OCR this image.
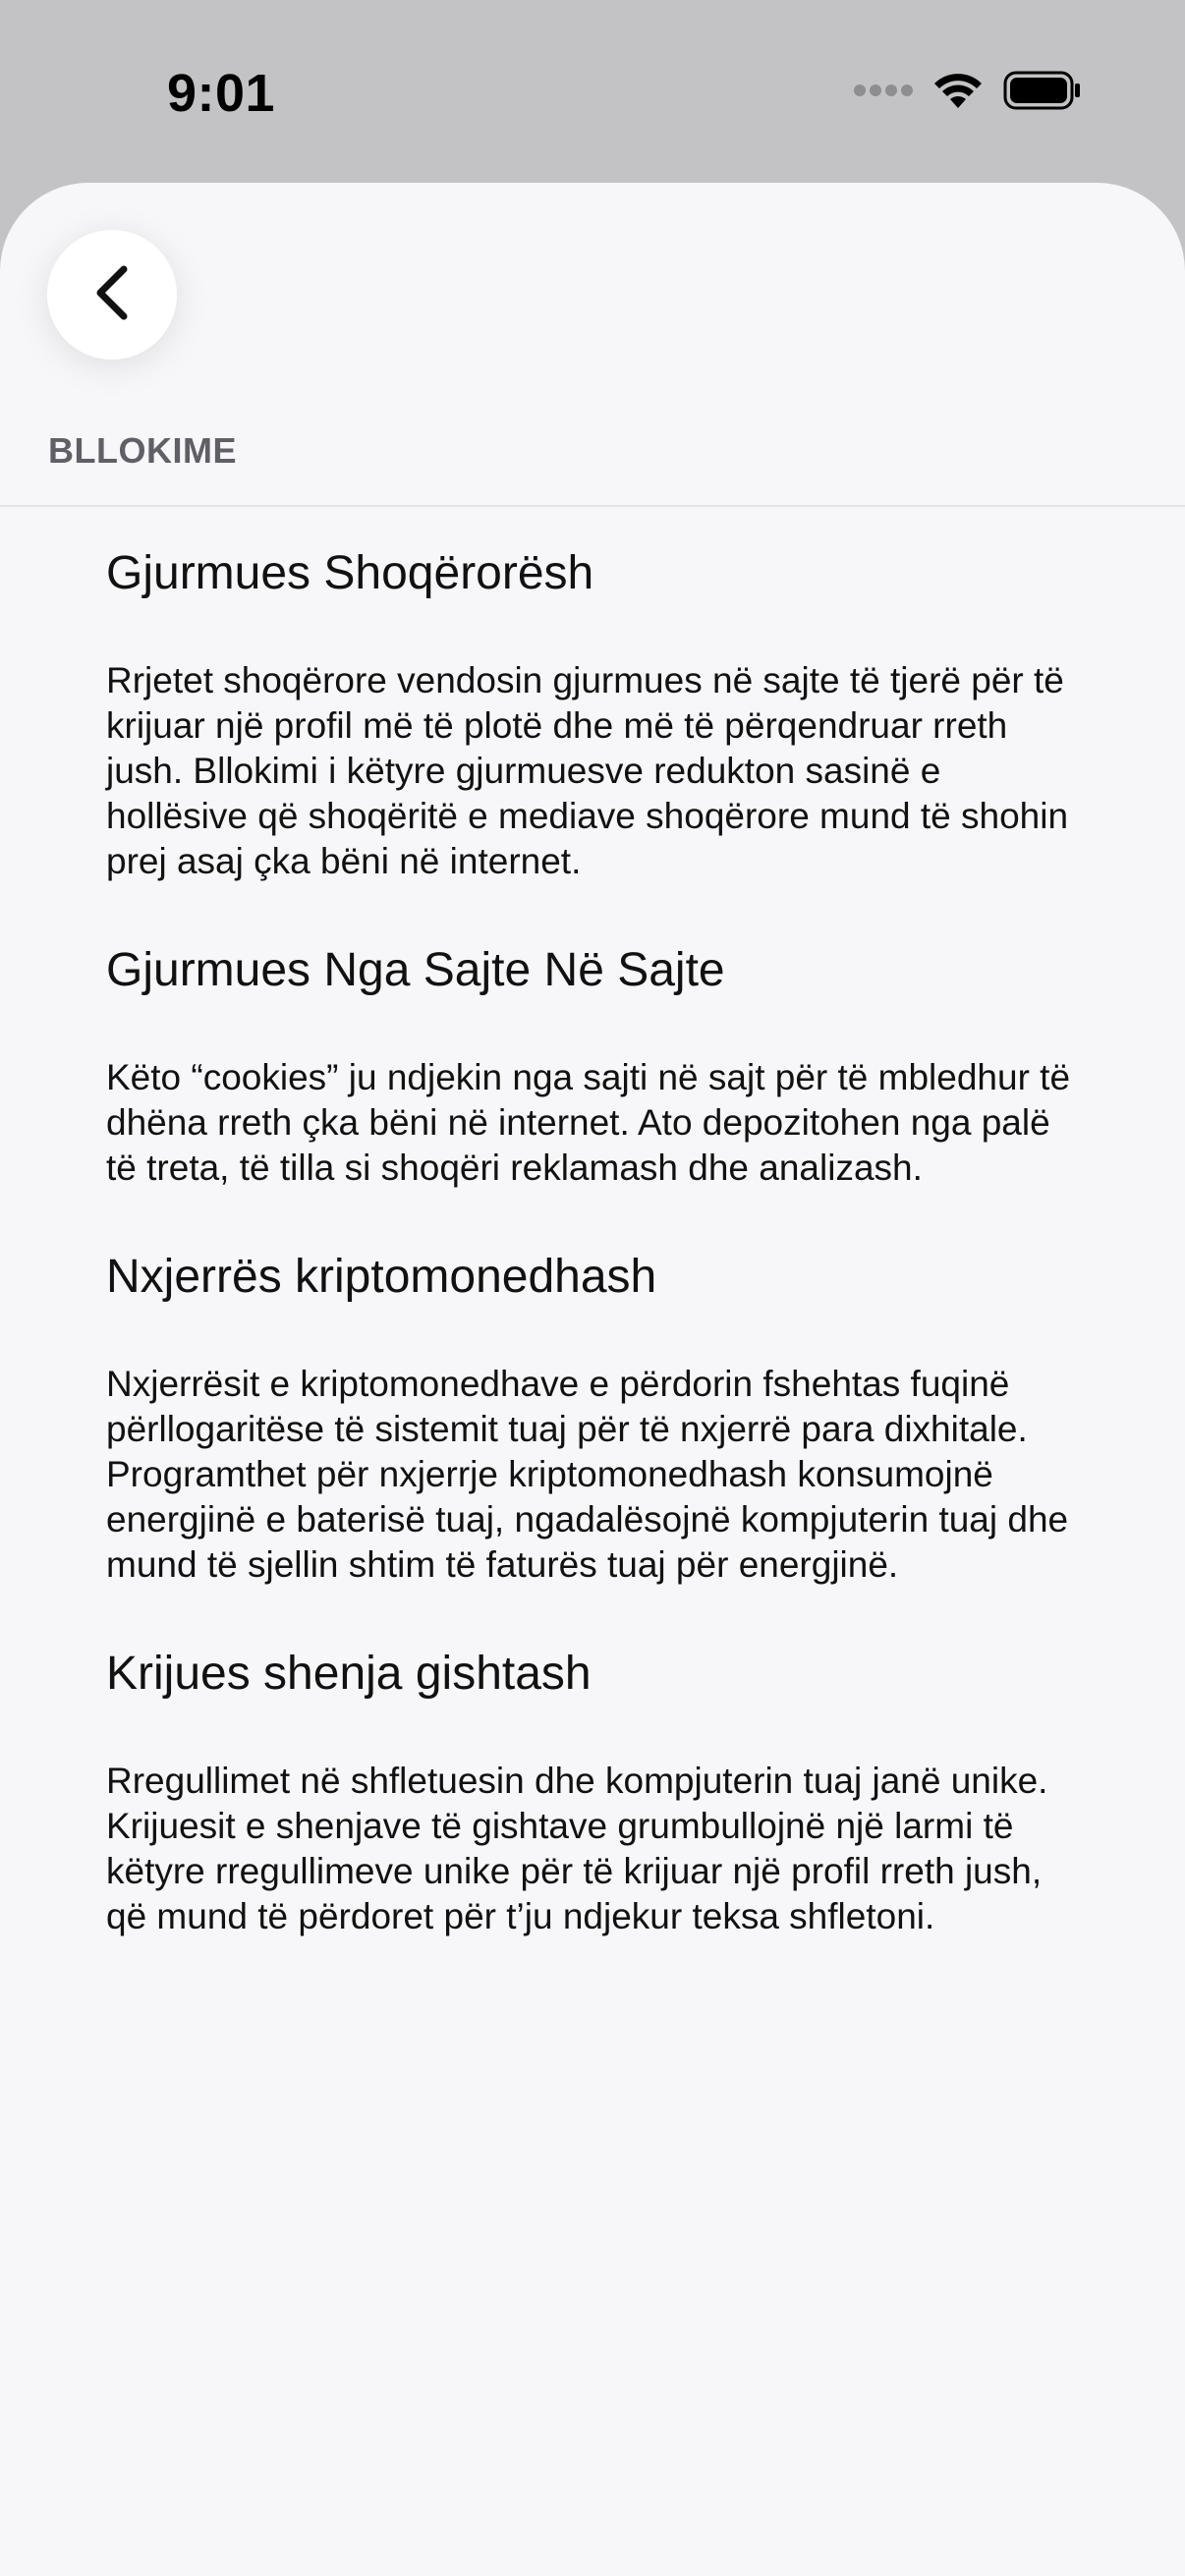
9:01
BLLOKIME
Gjurmues Shoqërorësh

Rrjetet shoqërore vendosin gjurmues në sajte të tjerë për të krijuar një profil më të plotë dhe më të përqendruar rreth jush. Bllokimi i këtyre gjurmuesve redukton sasinë e hollësive që shoqëritë e mediave shoqërore mund të shohin prej asaj çka bëni në internet.

Gjurmues Nga Sajte Në Sajte

Këto “cookies” ju ndjekin nga sajti në sajt për të mbledhur të dhëna rreth çka bëni në internet. Ato depozitohen nga palë të treta, të tilla si shoqëri reklamash dhe analizash.

Nxjerrës kriptomonedhash

Nxjerrësit e kriptomonedhave e përdorin fshehtas fuqinë përllogaritëse të sistemit tuaj për të nxjerrë para dixhitale. Programthet për nxjerrje kriptomonedhash konsumojnë energjinë e baterisë tuaj, ngadalësojnë kompjuterin tuaj dhe mund të sjellin shtim të faturës tuaj për energjinë.

Krijues shenja gishtash

Rregullimet në shfletuesin dhe kompjuterin tuaj janë unike. Krijuesit e shenjave të gishtave grumbullojnë një larmi të këtyre rregullimeve unike për të krijuar një profil rreth jush, që mund të përdoret për t’ju ndjekur teksa shfletoni.
